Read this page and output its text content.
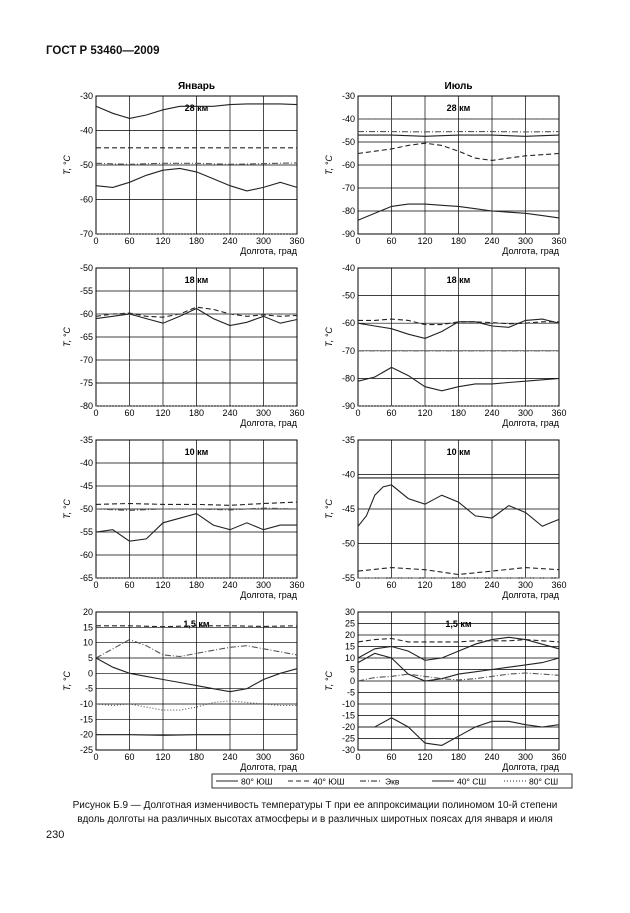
ГОСТ Р 53460—2009
0	60 120 180 240 300 360
-70
-60
-50
-40
-30
Долгота, град
T, °C
Январь
28 км
0	60 120 180 240 300 360
-90
-80
-70
-60
-50
-40
-30
Долгота, град
T, °C
Июль
28 км
0	60 120 180 240 300 360
-80
-75
-70
-65
-60
-55
-50
Долгота, град
T, °C
18 км
0	60 120 180 240 300 360
-90
-80
-70
-60
-50
-40
Долгота, град
T, °C
18 км
0	60 120 180 240 300 360
-65
-60
-55
-50
-45
-40
-35
Долгота, град
T, °C
10 км
0	60 120 180 240 300 360
-55
-50
-45
-40
-35
Долгота, град
T, °C
10 км
0	60 120 180 240 300 360
-25
-20
-15
-10
-5
0
5
10
15
20
Долгота, град
T, °C
1,5 км
0	60 120 180 240 300 360
-30
-25
-20
-15
-10
-5
0
5
10
15
20
25
30
Долгота, град
T, °C
1,5 км
80° ЮШ	40° ЮШ	Экв	40° СШ	80° СШ
Рисунок Б.9 — Долготная изменчивость температуры T при ее аппроксимации полиномом 10-й степени
вдоль долготы на различных высотах атмосферы и в различных широтных поясах для января и июля
230
